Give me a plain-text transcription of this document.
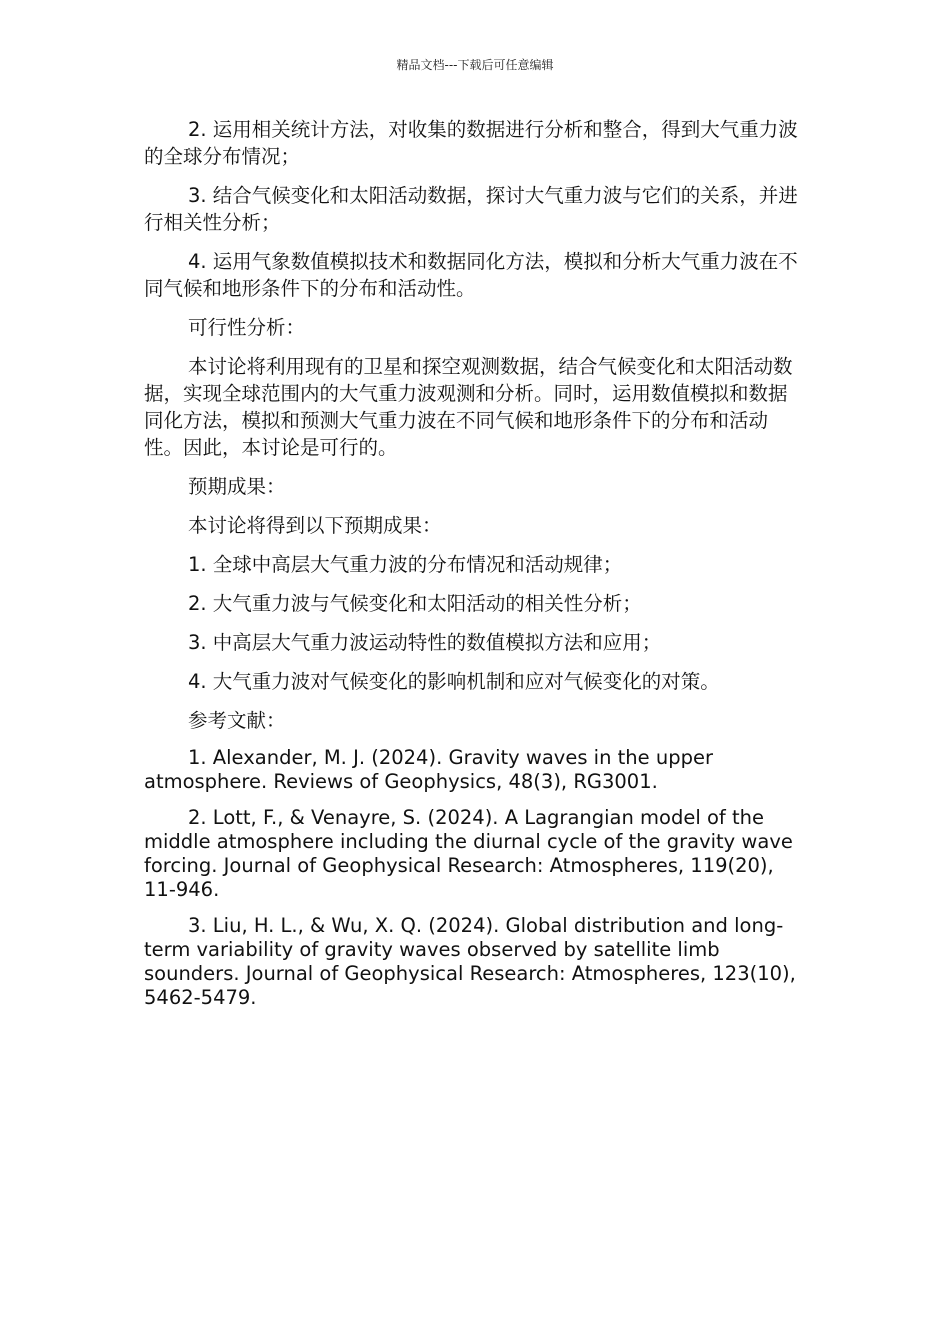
精品文档---下载后可任意编辑

2. 运用相关统计方法，对收集的数据进行分析和整合，得到大气重力波的全球分布情况；

3. 结合气候变化和太阳活动数据，探讨大气重力波与它们的关系，并进行相关性分析；

4. 运用气象数值模拟技术和数据同化方法，模拟和分析大气重力波在不同气候和地形条件下的分布和活动性。

可行性分析：

本讨论将利用现有的卫星和探空观测数据，结合气候变化和太阳活动数据，实现全球范围内的大气重力波观测和分析。同时，运用数值模拟和数据同化方法，模拟和预测大气重力波在不同气候和地形条件下的分布和活动性。因此，本讨论是可行的。

预期成果：

本讨论将得到以下预期成果：

1. 全球中高层大气重力波的分布情况和活动规律；

2. 大气重力波与气候变化和太阳活动的相关性分析；

3. 中高层大气重力波运动特性的数值模拟方法和应用；

4. 大气重力波对气候变化的影响机制和应对气候变化的对策。

参考文献：

1. Alexander, M. J. (2024). Gravity waves in the upper atmosphere. Reviews of Geophysics, 48(3), RG3001.

2. Lott, F., & Venayre, S. (2024). A Lagrangian model of the middle atmosphere including the diurnal cycle of the gravity wave forcing. Journal of Geophysical Research: Atmospheres, 119(20), 11-946.

3. Liu, H. L., & Wu, X. Q. (2024). Global distribution and long-term variability of gravity waves observed by satellite limb sounders. Journal of Geophysical Research: Atmospheres, 123(10), 5462-5479.
